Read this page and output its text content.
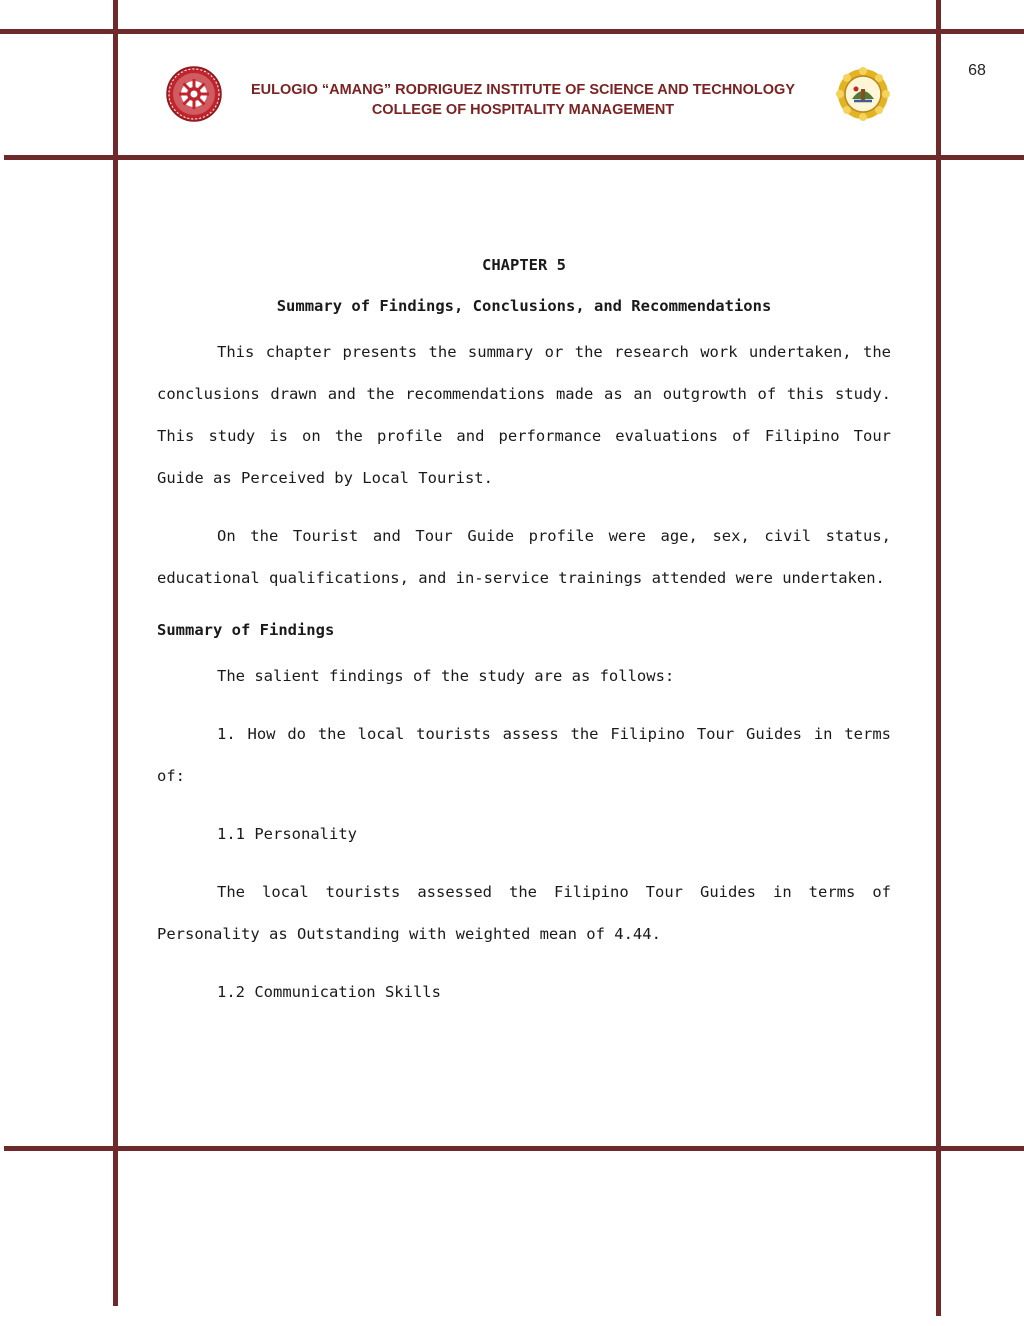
68
EULOGIO “AMANG” RODRIGUEZ INSTITUTE OF SCIENCE AND TECHNOLOGY
COLLEGE OF HOSPITALITY MANAGEMENT
CHAPTER 5
Summary of Findings, Conclusions, and Recommendations

This chapter presents the summary or the research work undertaken, the conclusions drawn and the recommendations made as an outgrowth of this study. This study is on the profile and performance evaluations of Filipino Tour Guide as Perceived by Local Tourist.

On the Tourist and Tour Guide profile were age, sex, civil status, educational qualifications, and in-service trainings attended were undertaken.

Summary of Findings

The salient findings of the study are as follows:

1. How do the local tourists assess the Filipino Tour Guides in terms of:

1.1 Personality

The local tourists assessed the Filipino Tour Guides in terms of Personality as Outstanding with weighted mean of 4.44.

1.2 Communication Skills
